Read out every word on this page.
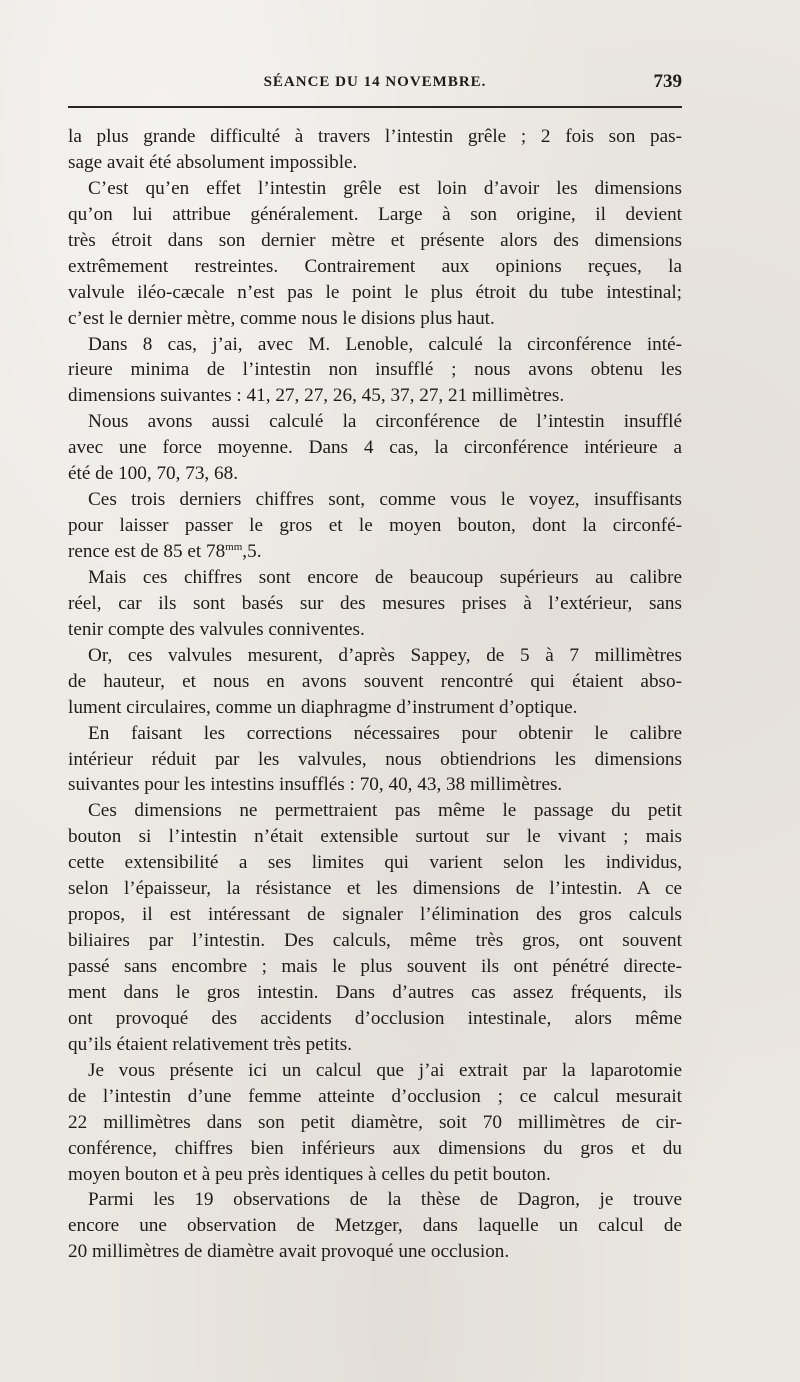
SÉANCE DU 14 NOVEMBRE.	739
la plus grande difficulté à travers l’intestin grêle ; 2 fois son pas-
sage avait été absolument impossible.
C’est qu’en effet l’intestin grêle est loin d’avoir les dimensions
qu’on lui attribue généralement. Large à son origine, il devient
très étroit dans son dernier mètre et présente alors des dimensions
extrêmement restreintes. Contrairement aux opinions reçues, la
valvule iléo-cæcale n’est pas le point le plus étroit du tube intestinal;
c’est le dernier mètre, comme nous le disions plus haut.
Dans 8 cas, j’ai, avec M. Lenoble, calculé la circonférence inté-
rieure minima de l’intestin non insufflé ; nous avons obtenu les
dimensions suivantes : 41, 27, 27, 26, 45, 37, 27, 21 millimètres.
Nous avons aussi calculé la circonférence de l’intestin insufflé
avec une force moyenne. Dans 4 cas, la circonférence intérieure a
été de 100, 70, 73, 68.
Ces trois derniers chiffres sont, comme vous le voyez, insuffisants
pour laisser passer le gros et le moyen bouton, dont la circonfé-
rence est de 85 et $78^{mm},5$.
Mais ces chiffres sont encore de beaucoup supérieurs au calibre
réel, car ils sont basés sur des mesures prises à l’extérieur, sans
tenir compte des valvules conniventes.
Or, ces valvules mesurent, d’après Sappey, de 5 à 7 millimètres
de hauteur, et nous en avons souvent rencontré qui étaient abso-
lument circulaires, comme un diaphragme d’instrument d’optique.
En faisant les corrections nécessaires pour obtenir le calibre
intérieur réduit par les valvules, nous obtiendrions les dimensions
suivantes pour les intestins insufflés : 70, 40, 43, 38 millimètres.
Ces dimensions ne permettraient pas même le passage du petit
bouton si l’intestin n’était extensible surtout sur le vivant ; mais
cette extensibilité a ses limites qui varient selon les individus,
selon l’épaisseur, la résistance et les dimensions de l’intestin. A ce
propos, il est intéressant de signaler l’élimination des gros calculs
biliaires par l’intestin. Des calculs, même très gros, ont souvent
passé sans encombre ; mais le plus souvent ils ont pénétré directe-
ment dans le gros intestin. Dans d’autres cas assez fréquents, ils
ont provoqué des accidents d’occlusion intestinale, alors même
qu’ils étaient relativement très petits.
Je vous présente ici un calcul que j’ai extrait par la laparotomie
de l’intestin d’une femme atteinte d’occlusion ; ce calcul mesurait
22 millimètres dans son petit diamètre, soit 70 millimètres de cir-
conférence, chiffres bien inférieurs aux dimensions du gros et du
moyen bouton et à peu près identiques à celles du petit bouton.
Parmi les 19 observations de la thèse de Dagron, je trouve
encore une observation de Metzger, dans laquelle un calcul de
20 millimètres de diamètre avait provoqué une occlusion.
